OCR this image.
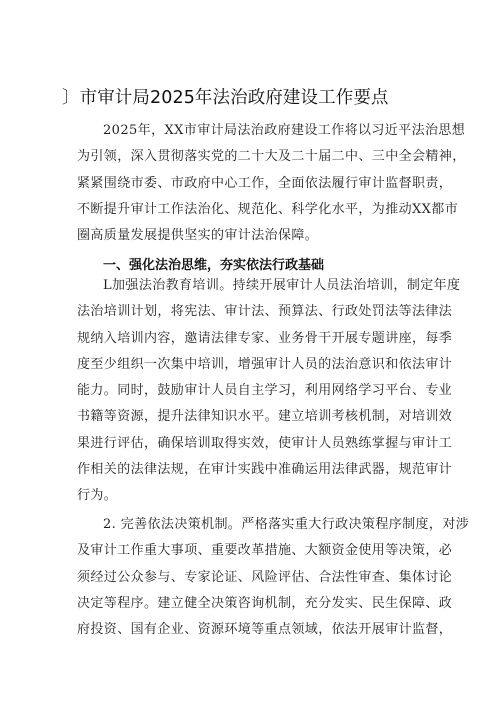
〕市审计局2025年法治政府建设工作要点
2025年，XX市审计局法治政府建设工作将以习近平法治思想
为引领，深入贯彻落实党的二十大及二十届二中、三中全会精神，
紧紧围绕市委、市政府中心工作，全面依法履行审计监督职责，
不断提升审计工作法治化、规范化、科学化水平，为推动XX都市
圈高质量发展提供坚实的审计法治保障。
一、强化法治思维，夯实依法行政基础
L加强法治教育培训。持续开展审计人员法治培训，制定年度
法治培训计划，将宪法、审计法、预算法、行政处罚法等法律法
规纳入培训内容，邀请法律专家、业务骨干开展专题讲座，每季
度至少组织一次集中培训，增强审计人员的法治意识和依法审计
能力。同时，鼓励审计人员自主学习，利用网络学习平台、专业
书籍等资源，提升法律知识水平。建立培训考核机制，对培训效
果进行评估，确保培训取得实效，使审计人员熟练掌握与审计工
作相关的法律法规，在审计实践中准确运用法律武器，规范审计
行为。
2. 完善依法决策机制。严格落实重大行政决策程序制度，对涉
及审计工作重大事项、重要改革措施、大额资金使用等决策，必
须经过公众参与、专家论证、风险评估、合法性审查、集体讨论
决定等程序。建立健全决策咨询机制，充分发实、民生保障、政
府投资、国有企业、资源环境等重点领域，依法开展审计监督，
